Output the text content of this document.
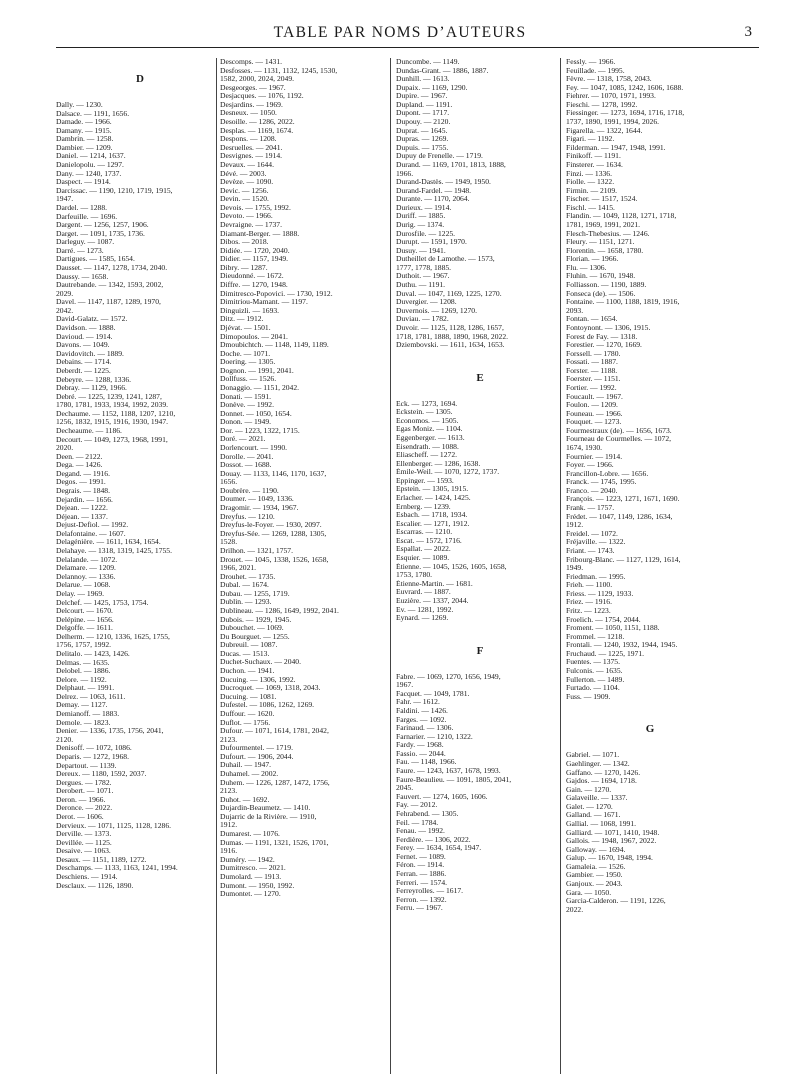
TABLE PAR NOMS D’AUTEURS	3
D
Dally. — 1230.
Dalsace. — 1191, 1656.
Damade. — 1966.
Damany. — 1915.
Dambrin. — 1258.
Dambier. — 1209.
Daniel. — 1214, 1637.
Danielopolu. — 1297.
Dany. — 1240, 1737.
Daspect. — 1914.
Darcissac. — 1190, 1210, 1719, 1915,
1947.
Dardel. — 1288.
Darfeuille. — 1696.
Dargent. — 1256, 1257, 1906.
Darget. — 1091, 1735, 1736.
Darleguy. — 1087.
Darré. — 1273.
Dartigues. — 1585, 1654.
Dausset. — 1147, 1278, 1734, 2040.
Daussy. — 1658.
Dautrebande. — 1342, 1593, 2002,
2029.
Davel. — 1147, 1187, 1289, 1970,
2042.
David-Galatz. — 1572.
Davidson. — 1888.
Davioud. — 1914.
Davons. — 1049.
Davidovitch. — 1889.
Debains. — 1714.
Deberdt. — 1225.
Debeyre. — 1288, 1336.
Debray. — 1129, 1966.
Debré. — 1225, 1239, 1241, 1287,
1780, 1781, 1933, 1934, 1992, 2039.
Dechaume. — 1152, 1188, 1207, 1210,
1256, 1832, 1915, 1916, 1930, 1947.
Decheaume. — 1186.
Decourt. — 1049, 1273, 1968, 1991,
2020.
Deen. — 2122.
Dega. — 1426.
Degand. — 1916.
Degos. — 1991.
Degrais. — 1848.
Dejardin. — 1656.
Dejean. — 1222.
Déjean. — 1337.
Dejust-Defiol. — 1992.
Delafontaine. — 1607.
Delagénière. — 1611, 1634, 1654.
Delahaye. — 1318, 1319, 1425, 1755.
Delalande. — 1072.
Delamare. — 1209.
Delannoy. — 1336.
Delarue. — 1068.
Delay. — 1969.
Delchef. — 1425, 1753, 1754.
Delcourt. — 1670.
Delépine. — 1656.
Delgoffe. — 1611.
Delherm. — 1210, 1336, 1625, 1755,
1756, 1757, 1992.
Delitalo. — 1423, 1426.
Delmas. — 1635.
Delobel. — 1886.
Delore. — 1192.
Delphaut. — 1991.
Delrez. — 1063, 1611.
Demay. — 1127.
Demianoff. — 1883.
Demole. — 1823.
Denier. — 1336, 1735, 1756, 2041,
2120.
Denisoff. — 1072, 1086.
Deparis. — 1272, 1968.
Departout. — 1139.
Dereux. — 1180, 1592, 2037.
Dergues. — 1782.
Derobert. — 1071.
Deron. — 1966.
Deronce. — 2022.
Derot. — 1606.
Dervieux. — 1071, 1125, 1128, 1286.
Derville. — 1373.
Devillée. — 1125.
Desaive. — 1063.
Desaux. — 1151, 1189, 1272.
Deschamps. — 1133, 1163, 1241, 1994.
Deschiens. — 1914.
Desclaux. — 1126, 1890.
Descomps. — 1431.
Desfosses. — 1131, 1132, 1245, 1530,
1582, 2000, 2024, 2049.
Desgeorges. — 1967.
Desjacques. — 1076, 1192.
Desjardins. — 1969.
Desneux. — 1050.
Desoille. — 1286, 2022.
Desplas. — 1169, 1674.
Despons. — 1208.
Desruelles. — 2041.
Desvignes. — 1914.
Devaux. — 1644.
Dévé. — 2003.
Devèze. — 1090.
Devic. — 1256.
Devin. — 1520.
Devois. — 1755, 1992.
Devoto. — 1966.
Devraigne. — 1737.
Diamant-Berger. — 1888.
Dibos. — 2018.
Didiée. — 1720, 2040.
Didier. — 1157, 1949.
Dibry. — 1287.
Dieudonné. — 1672.
Diffre. — 1270, 1948.
Dimitresco-Popovici. — 1730, 1912.
Dimitriou-Mamant. — 1197.
Dinguizli. — 1693.
Ditz. — 1912.
Djévat. — 1501.
Dimopoulos. — 2041.
Dmoubichtch. — 1148, 1149, 1189.
Doche. — 1071.
Doering. — 1305.
Dognon. — 1991, 2041.
Dollfuss. — 1526.
Donaggio. — 1151, 2042.
Donati. — 1591.
Donève. — 1992.
Donnet. — 1050, 1654.
Donon. — 1949.
Dor. — 1223, 1322, 1715.
Doré. — 2021.
Dorlencourt. — 1990.
Dorolle. — 2041.
Dossot. — 1688.
Douay. — 1133, 1146, 1170, 1637,
1656.
Doubrère. — 1190.
Doumer. — 1049, 1336.
Dragomir. — 1934, 1967.
Dreyfus. — 1210.
Dreyfus-le-Foyer. — 1930, 2097.
Dreyfus-Sée. — 1269, 1288, 1305,
1528.
Drilhon. — 1321, 1757.
Drouet. — 1045, 1338, 1526, 1658,
1966, 2021.
Drouhet. — 1735.
Dubal. — 1674.
Dubau. — 1255, 1719.
Dublin. — 1293.
Dublineau. — 1286, 1649, 1992, 2041.
Dubois. — 1929, 1945.
Dubouchet. — 1069.
Du Bourguet. — 1255.
Dubreuil. — 1087.
Ducas. — 1513.
Duchet-Suchaux. — 2040.
Duchon. — 1941.
Ducuing. — 1306, 1992.
Ducroquet. — 1069, 1318, 2043.
Ducuing. — 1081.
Dufestel. — 1086, 1262, 1269.
Duffour. — 1620.
Duflot. — 1756.
Dufour. — 1071, 1614, 1781, 2042,
2123.
Dufourmentel. — 1719.
Dufourt. — 1906, 2044.
Duhail. — 1947.
Duhamel. — 2002.
Duhem. — 1226, 1287, 1472, 1756,
2123.
Duhot. — 1692.
Dujardin-Beaumetz. — 1410.
Dujarric de la Rivière. — 1910,
1912.
Dumarest. — 1076.
Dumas. — 1191, 1321, 1526, 1701,
1916.
Duméry. — 1942.
Dumitresco. — 2021.
Dumolard. — 1913.
Dumont. — 1950, 1992.
Dumontet. — 1270.
Duncombe. — 1149.
Dundas-Grant. — 1886, 1887.
Dunhill. — 1613.
Dupaix. — 1169, 1290.
Dupire. — 1967.
Dupland. — 1191.
Dupont. — 1717.
Dupouy. — 2120.
Duprat. — 1645.
Dupras. — 1269.
Dupuis. — 1755.
Dupuy de Frenelle. — 1719.
Durand. — 1169, 1701, 1813, 1888,
1966.
Durand-Dastès. — 1949, 1950.
Durand-Fardel. — 1948.
Durante. — 1170, 2064.
Durieux. — 1914.
Duriff. — 1885.
Durig. — 1374.
Durosfile. — 1225.
Durupt. — 1591, 1970.
Dusuy. — 1941.
Dutheillet de Lamothe. — 1573,
1777, 1778, 1885.
Duthoit. — 1967.
Duthu. — 1191.
Duval. — 1047, 1169, 1225, 1270.
Duvergier. — 1208.
Duvernois. — 1269, 1270.
Duviau. — 1782.
Duvoir. — 1125, 1128, 1286, 1657,
1718, 1781, 1888, 1890, 1968, 2022.
Dziembovski. — 1611, 1634, 1653.
E
Eck. — 1273, 1694.
Eckstein. — 1305.
Economos. — 1505.
Egas Moniz. — 1104.
Eggenberger. — 1613.
Eisendrath. — 1088.
Eliascheff. — 1272.
Ellenberger. — 1286, 1638.
Émile-Weil. — 1070, 1272, 1737.
Eppinger. — 1593.
Epstein. — 1305, 1915.
Erlacher. — 1424, 1425.
Ernberg. — 1239.
Esbach. — 1718, 1934.
Escalier. — 1271, 1912.
Escarras. — 1210.
Escat. — 1572, 1716.
Espallat. — 2022.
Esquier. — 1089.
Étienne. — 1045, 1526, 1605, 1658,
1753, 1780.
Étienne-Martin. — 1681.
Euvrard. — 1887.
Euzière. — 1337, 2044.
Ev. — 1281, 1992.
Eynard. — 1269.
F
Fabre. — 1069, 1270, 1656, 1949,
1967.
Facquet. — 1049, 1781.
Fahr. — 1612.
Faldini. — 1426.
Farges. — 1092.
Farinaud. — 1306.
Farnarier. — 1210, 1322.
Fardy. — 1968.
Fassio. — 2044.
Fau. — 1148, 1966.
Faure. — 1243, 1637, 1678, 1993.
Faure-Beaulieu. — 1091, 1805, 2041,
2045.
Fauvert. — 1274, 1605, 1606.
Fay. — 2012.
Fehrabend. — 1305.
Feil. — 1784.
Fenau. — 1992.
Ferdière. — 1306, 2022.
Ferey. — 1634, 1654, 1947.
Fernet. — 1089.
Féron. — 1914.
Ferran. — 1886.
Ferreri. — 1574.
Ferreyrolles. — 1617.
Ferron. — 1392.
Ferru. — 1967.
Fessly. — 1966.
Feuillade. — 1995.
Fèvre. — 1318, 1758, 2043.
Fey. — 1047, 1085, 1242, 1606, 1688.
Fiehrer. — 1070, 1971, 1993.
Fieschi. — 1278, 1992.
Fiessinger. — 1273, 1694, 1716, 1718,
1737, 1890, 1991, 1994, 2026.
Figarella. — 1322, 1644.
Figari. — 1192.
Filderman. — 1947, 1948, 1991.
Finikoff. — 1191.
Finsterer. — 1634.
Finzi. — 1336.
Fiolle. — 1322.
Firmin. — 2109.
Fischer. — 1517, 1524.
Fischl. — 1415.
Flandin. — 1049, 1128, 1271, 1718,
1781, 1969, 1991, 2021.
Flesch-Thebesius. — 1246.
Fleury. — 1151, 1271.
Florentin. — 1658, 1780.
Florian. — 1966.
Flu. — 1306.
Fluhin. — 1670, 1948.
Folliasson. — 1190, 1889.
Fonseca (de). — 1506.
Fontaine. — 1100, 1188, 1819, 1916,
2093.
Fontan. — 1654.
Fontoynont. — 1306, 1915.
Forest de Fay. — 1318.
Forestier. — 1270, 1669.
Forssell. — 1780.
Fossati. — 1887.
Forster. — 1188.
Foerster. — 1151.
Fortier. — 1992.
Foucault. — 1967.
Foulon. — 1209.
Founeau. — 1966.
Fouquet. — 1273.
Fourmestraux (de). — 1656, 1673.
Fourneau de Courmelles. — 1072,
1674, 1930.
Fournier. — 1914.
Foyer. — 1966.
Francillon-Lobre. — 1656.
Franck. — 1745, 1995.
Franco. — 2040.
François. — 1223, 1271, 1671, 1690.
Frank. — 1757.
Frédet. — 1047, 1149, 1286, 1634,
1912.
Freidel. — 1072.
Fréjaville. — 1322.
Friant. — 1743.
Fribourg-Blanc. — 1127, 1129, 1614,
1949.
Friedman. — 1995.
Frieh. — 1100.
Friess. — 1129, 1933.
Friez. — 1916.
Fritz. — 1223.
Froelich. — 1754, 2044.
Froment. — 1050, 1151, 1188.
Frommel. — 1218.
Frontali. — 1240, 1932, 1944, 1945.
Fruchaud. — 1225, 1971.
Fuentes. — 1375.
Fulconis. — 1635.
Fullerton. — 1489.
Furtado. — 1104.
Fuss. — 1909.
G
Gabriel. — 1071.
Gaehlinger. — 1342.
Gaffano. — 1270, 1426.
Gajdos. — 1694, 1718.
Gain. — 1270.
Galaveille. — 1337.
Galet. — 1270.
Galland. — 1671.
Gallial. — 1068, 1991.
Galliard. — 1071, 1410, 1948.
Gallois. — 1948, 1967, 2022.
Galloway. — 1694.
Galup. — 1670, 1948, 1994.
Gamaleia. — 1526.
Gambier. — 1950.
Ganjoux. — 2043.
Gara. — 1050.
Garcia-Calderon. — 1191, 1226,
2022.
